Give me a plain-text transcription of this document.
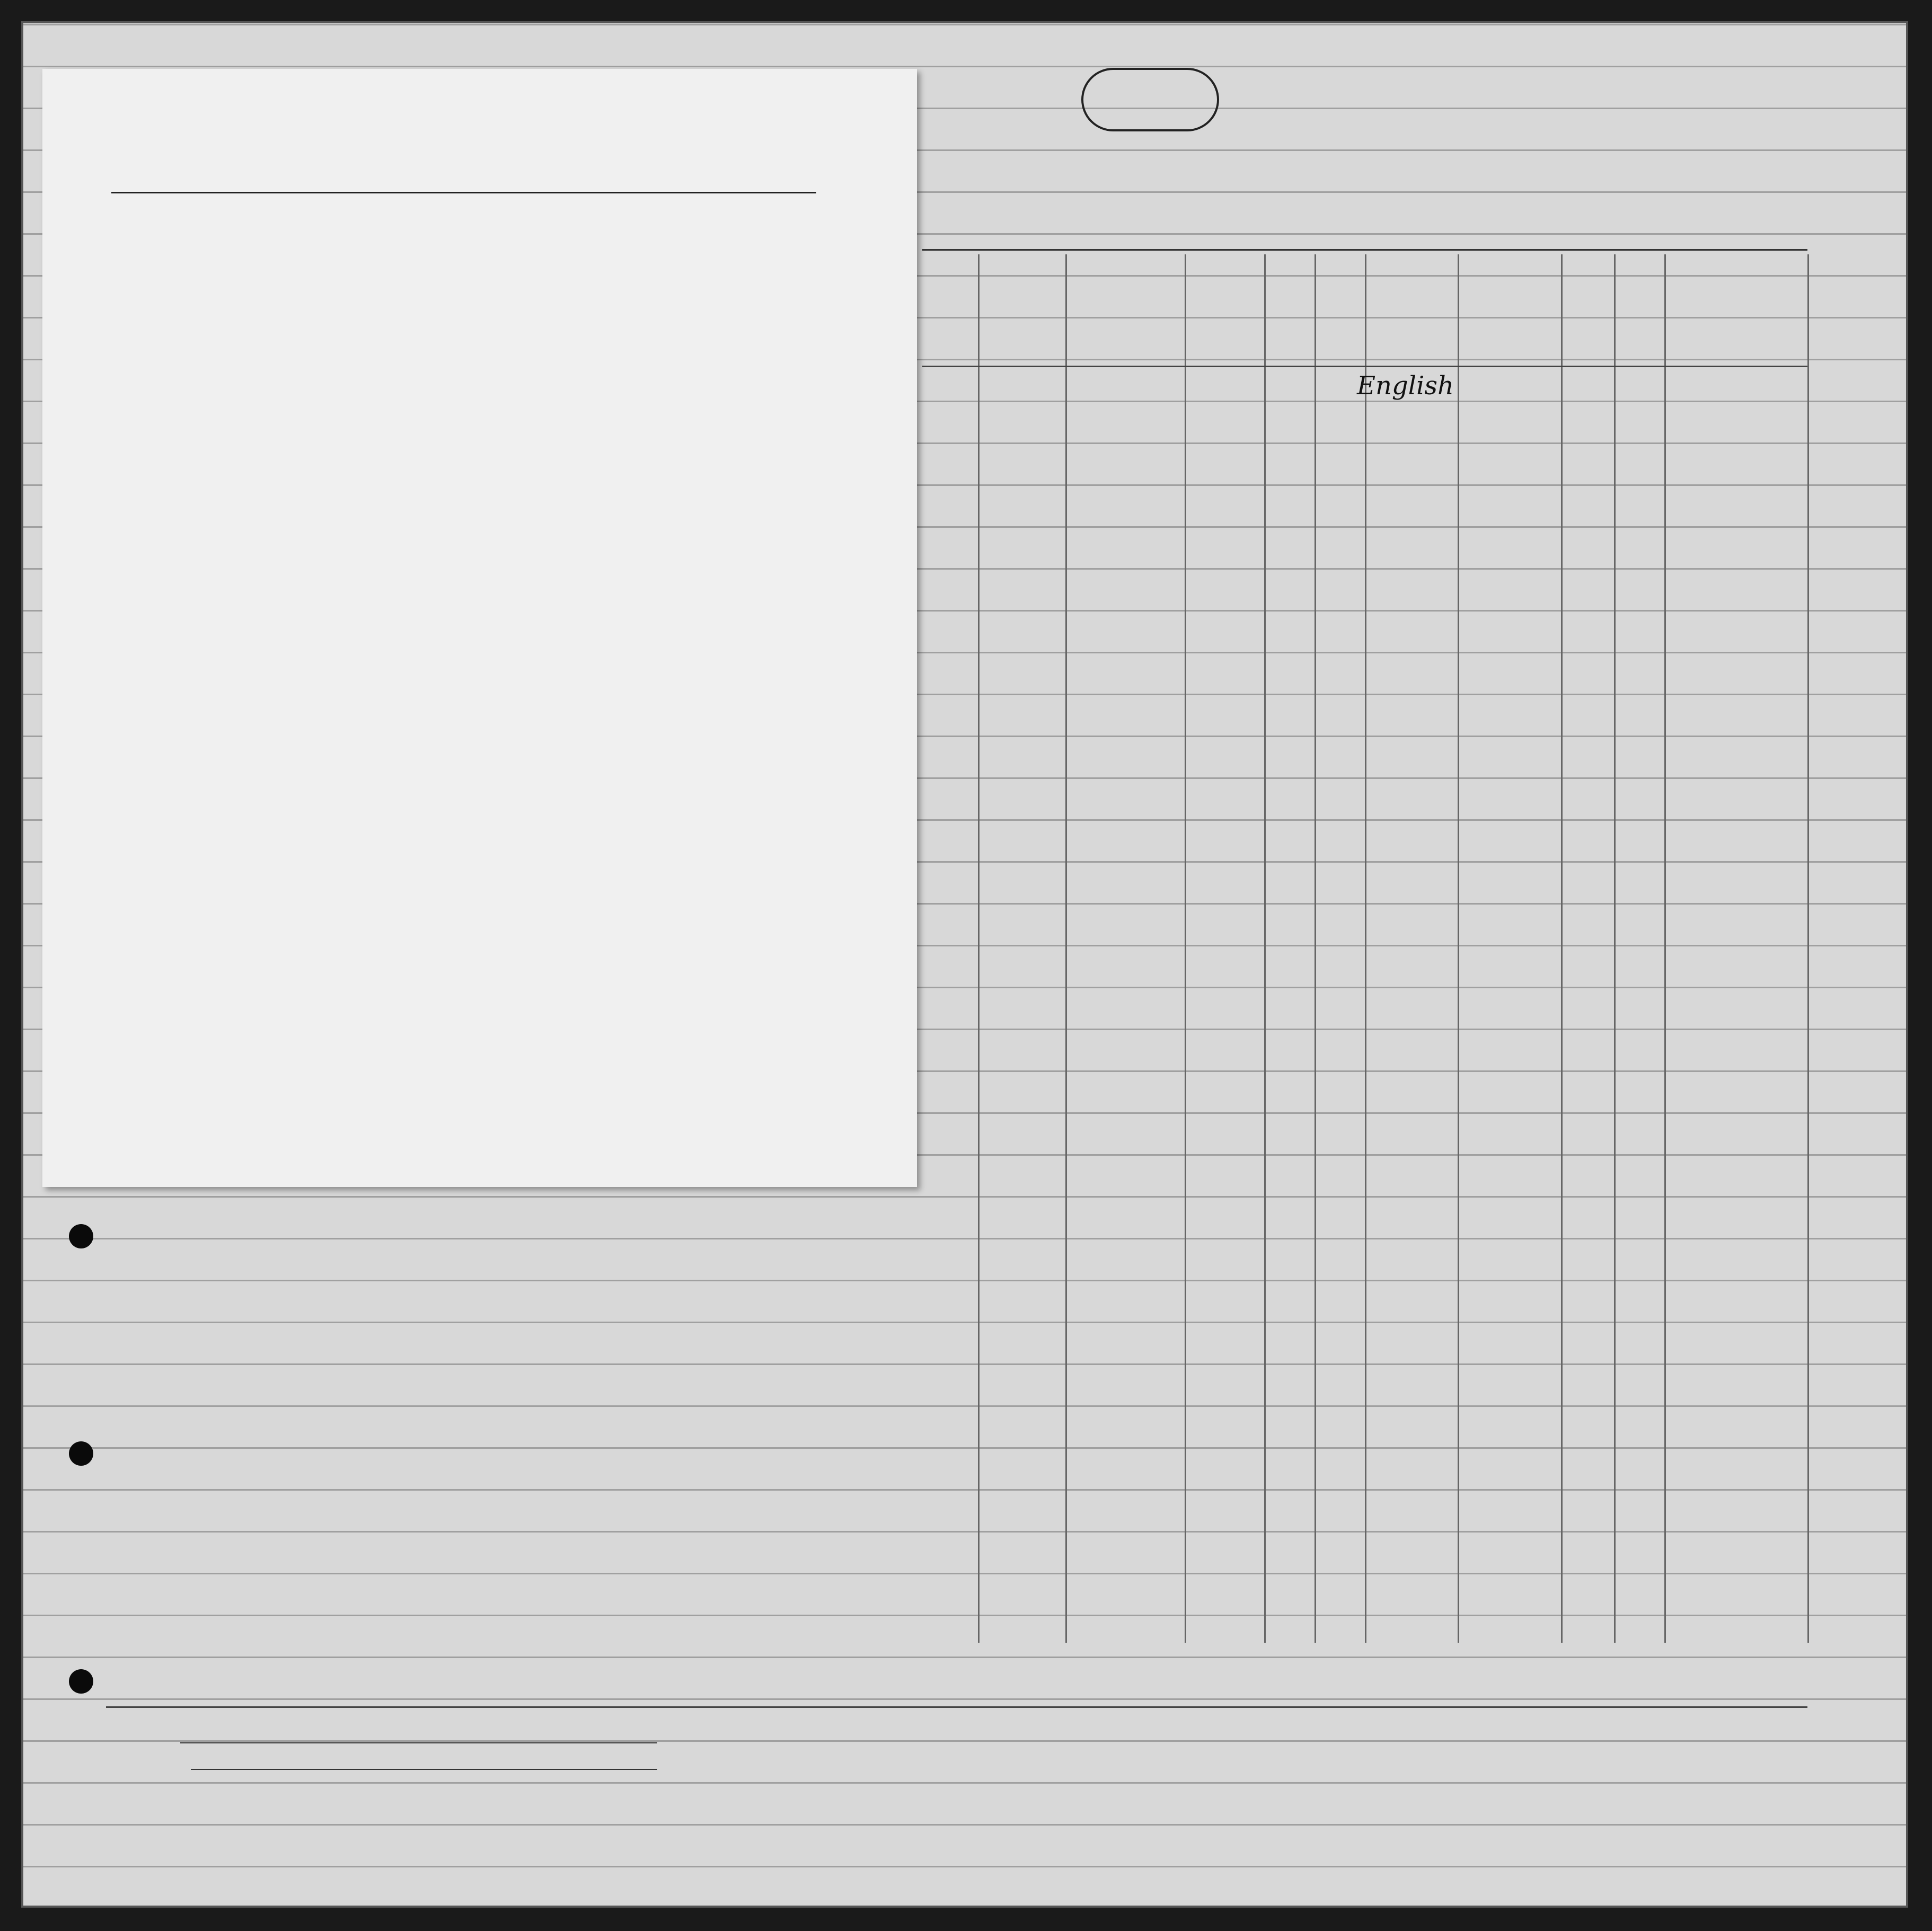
English
